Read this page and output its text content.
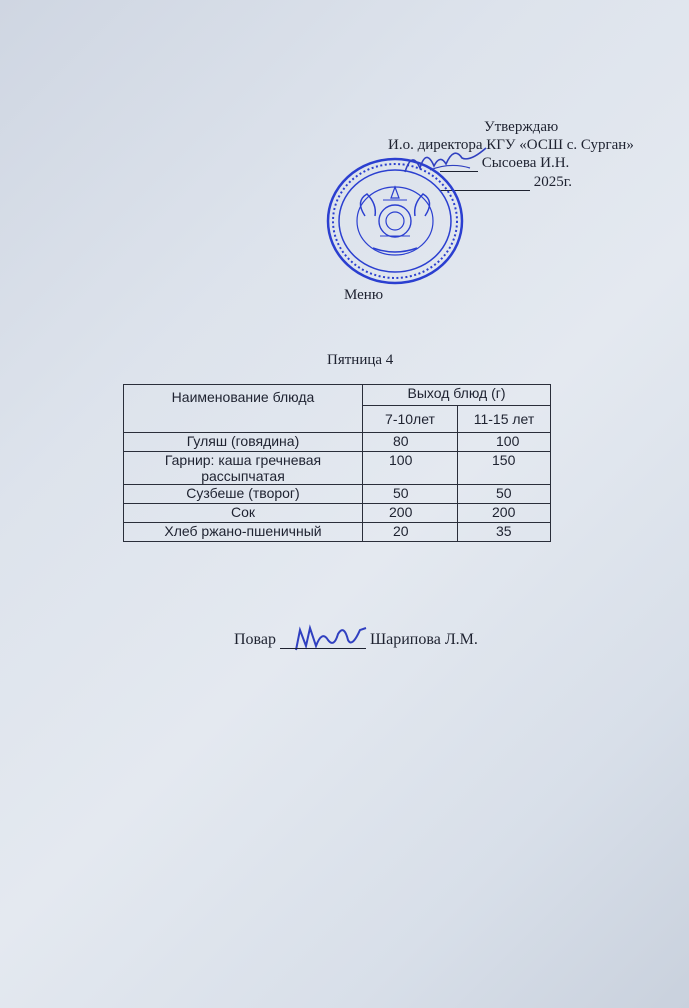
Утверждаю
И.о. директора КГУ «ОСШ с. Сурган»
Сысоева И.Н.
2025г.
Меню
Пятница 4
Наименование блюда	Выход блюд (г)	
	7-10лет	11-15 лет
Гуляш (говядина)	80	100
Гарнир: каша гречневая рассыпчатая	100	150
Сузбеше (творог)	50	50
Сок	200	200
Хлеб ржано-пшеничный	20	35
Повар	Шарипова Л.М.
